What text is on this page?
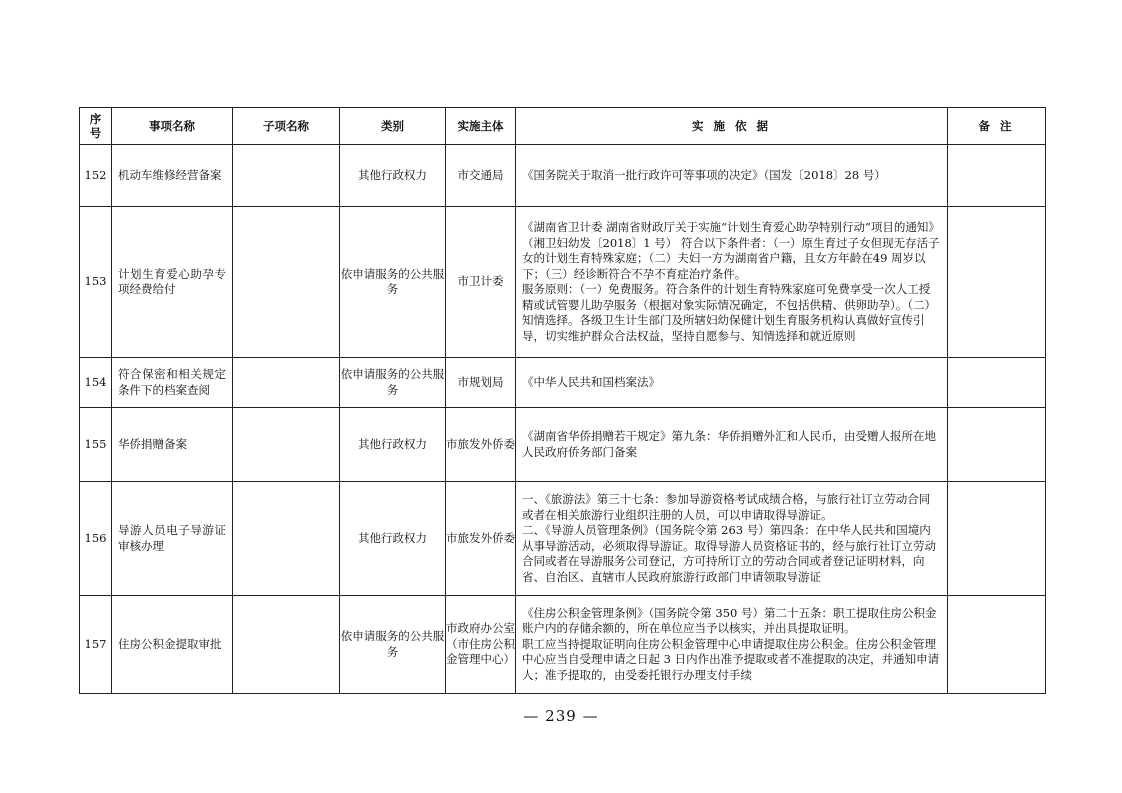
序号	事项名称	子项名称	类别	实施主体	实 施 依 据	备 注
152	机动车维修经营备案		其他行政权力	市交通局	《国务院关于取消一批行政许可等事项的决定》（国发〔2018〕28 号）	

153	计划生育爱心助孕专项经费给付		依申请服务的公共服务	市卫计委	《湖南省卫计委 湖南省财政厅关于实施“计划生育爱心助孕特别行动”项目的通知》（湘卫妇幼发〔2018〕1 号） 符合以下条件者：（一）原生育过子女但现无存活子女的计划生育特殊家庭；（二）夫妇一方为湖南省户籍，且女方年龄在49 周岁以下；（三）经诊断符合不孕不育症治疗条件。
服务原则：（一）免费服务。符合条件的计划生育特殊家庭可免费享受一次人工授精或试管婴儿助孕服务（根据对象实际情况确定，不包括供精、供卵助孕）。（二）知情选择。各级卫生计生部门及所辖妇幼保健计划生育服务机构认真做好宣传引导，切实维护群众合法权益，坚持自愿参与、知情选择和就近原则	

154	符合保密和相关规定条件下的档案查阅		依申请服务的公共服务	市规划局	《中华人民共和国档案法》	

155	华侨捐赠备案		其他行政权力	市旅发外侨委	《湖南省华侨捐赠若干规定》第九条：华侨捐赠外汇和人民币，由受赠人报所在地人民政府侨务部门备案	

156	导游人员电子导游证审核办理		其他行政权力	市旅发外侨委	一、《旅游法》第三十七条：参加导游资格考试成绩合格，与旅行社订立劳动合同或者在相关旅游行业组织注册的人员，可以申请取得导游证。
二、《导游人员管理条例》（国务院令第 263 号）第四条：在中华人民共和国境内从事导游活动，必须取得导游证。取得导游人员资格证书的，经与旅行社订立劳动合同或者在导游服务公司登记，方可持所订立的劳动合同或者登记证明材料，向省、自治区、直辖市人民政府旅游行政部门申请领取导游证	

157	住房公积金提取审批		依申请服务的公共服务	市政府办公室（市住房公积金管理中心）	《住房公积金管理条例》（国务院令第 350 号）第二十五条：职工提取住房公积金账户内的存储余额的，所在单位应当予以核实，并出具提取证明。
职工应当持提取证明向住房公积金管理中心申请提取住房公积金。住房公积金管理中心应当自受理申请之日起 3 日内作出准予提取或者不准提取的决定，并通知申请人；准予提取的，由受委托银行办理支付手续	

— 239 —
